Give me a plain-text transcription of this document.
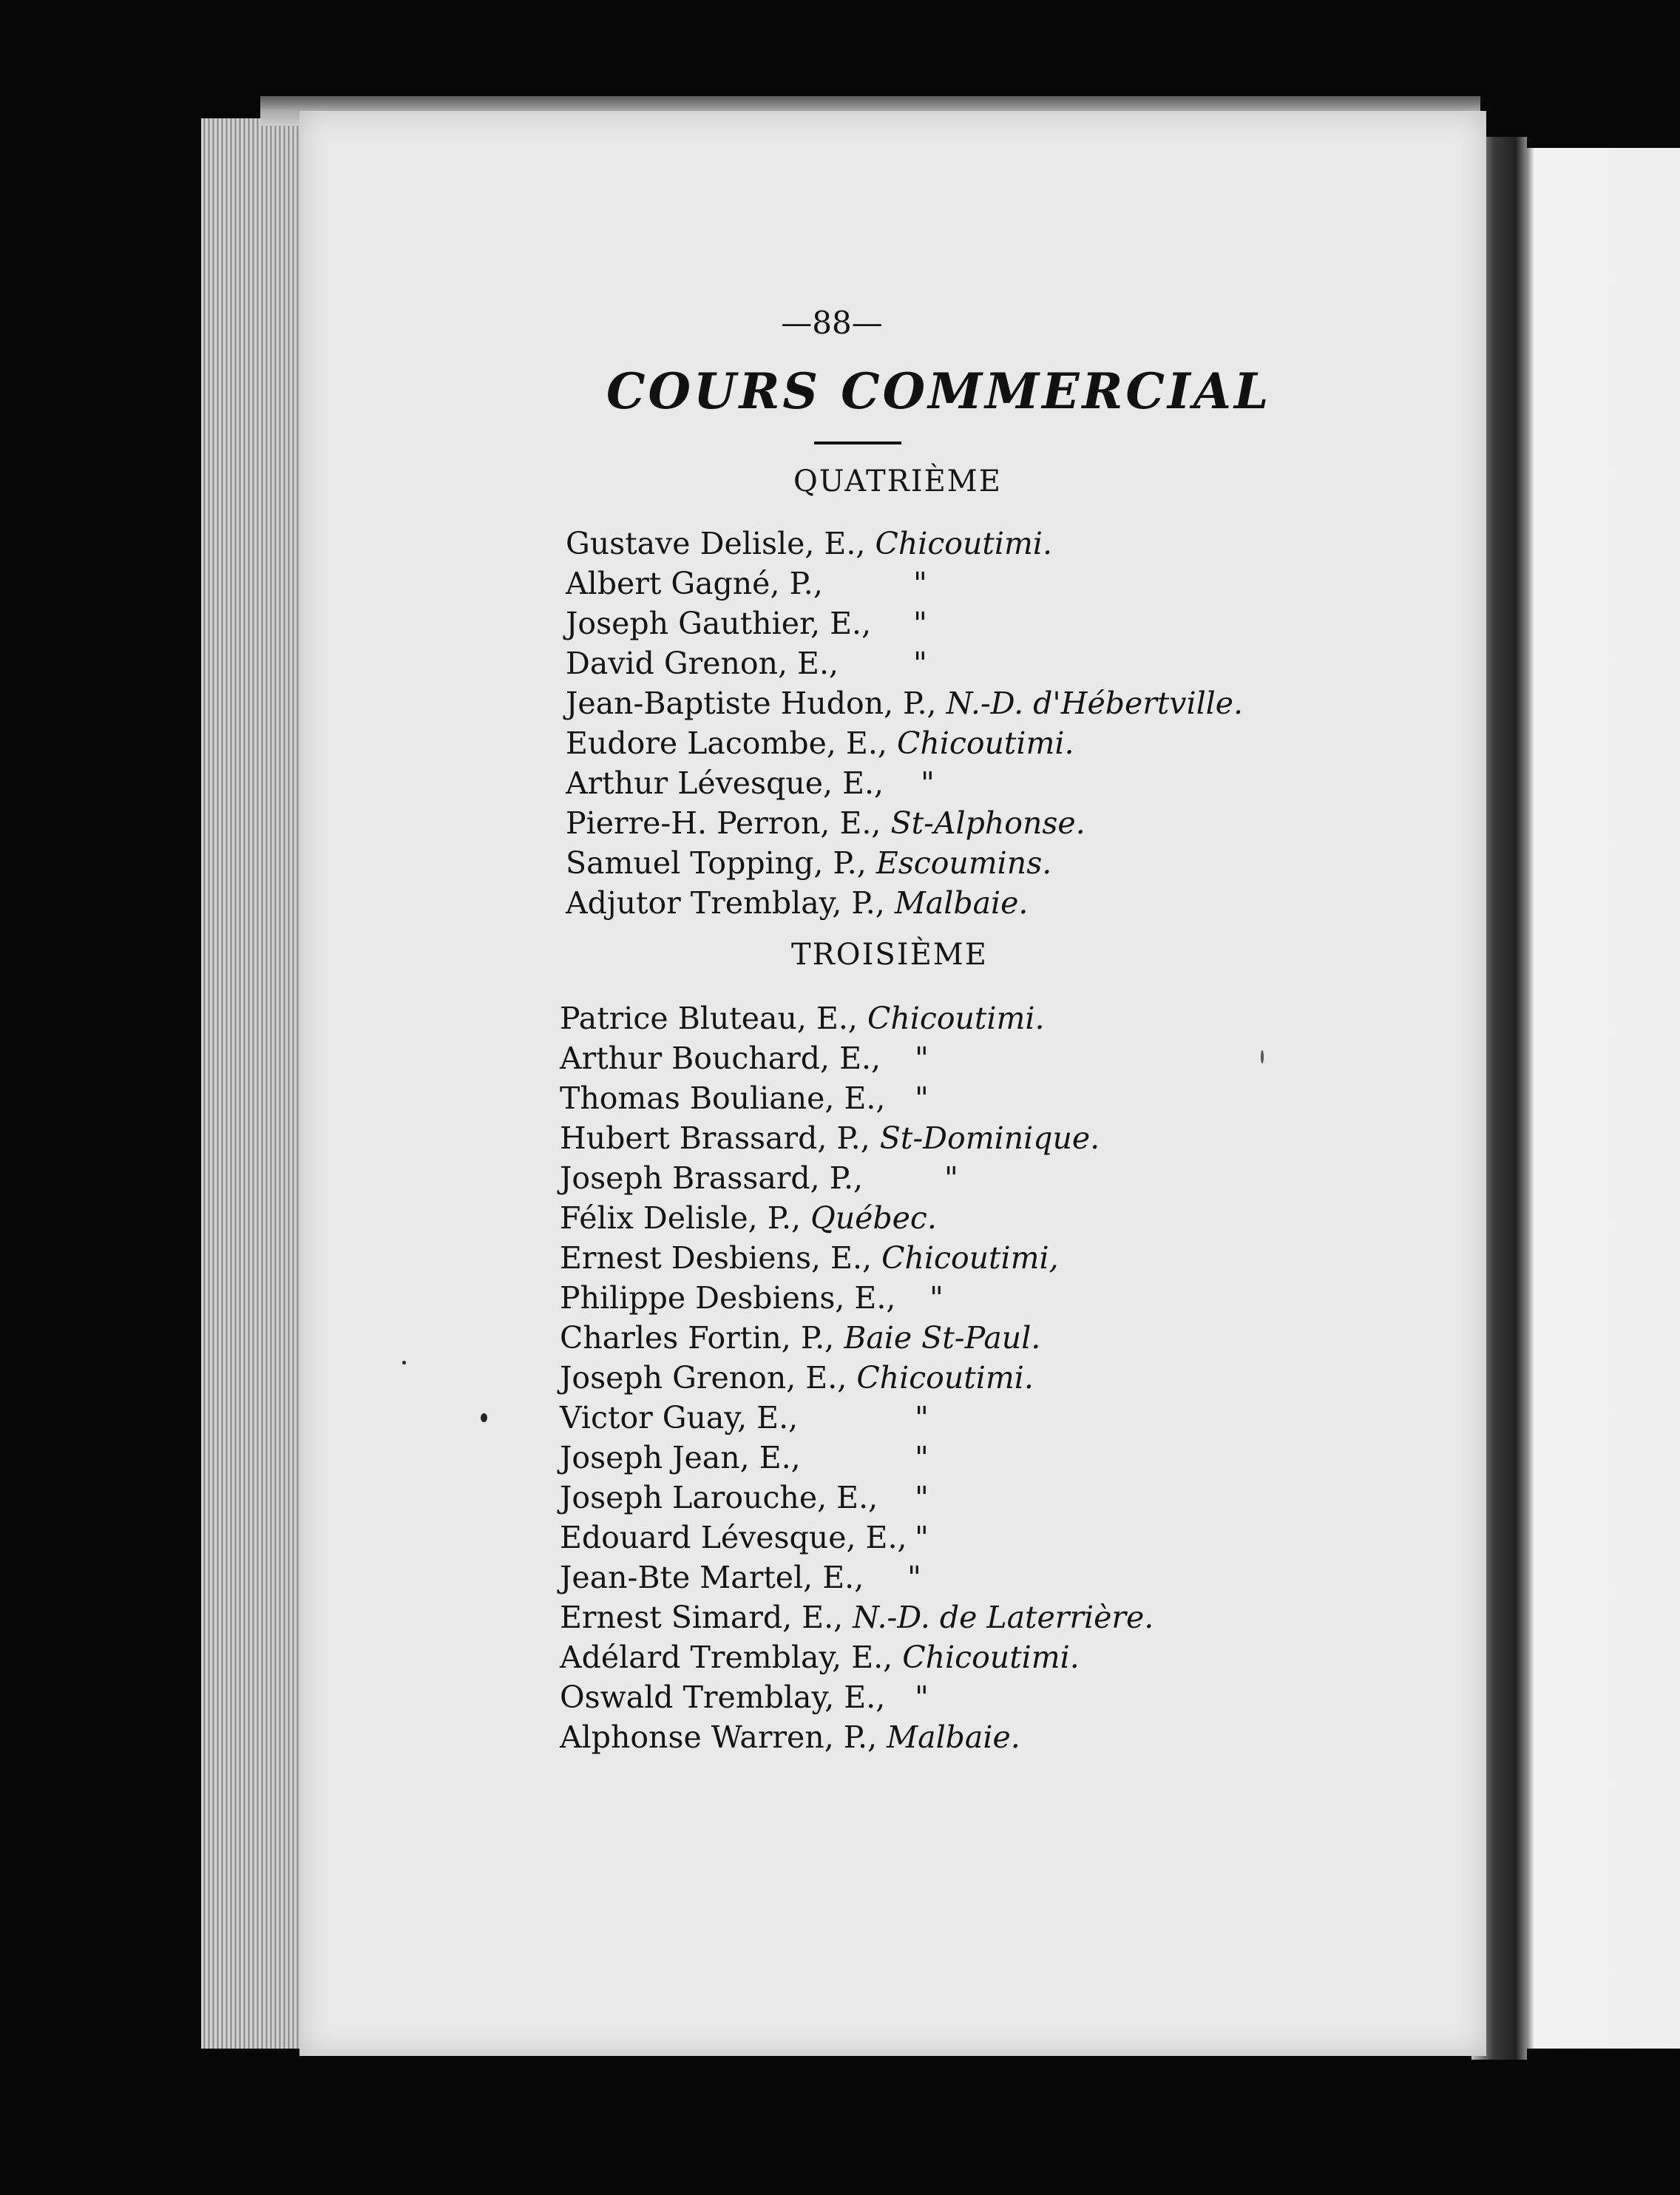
—88—
COURS COMMERCIAL
QUATRIÈME
Gustave Delisle, E., Chicoutimi.
Albert Gagné, P.,	"
Joseph Gauthier, E., "
David Grenon, E., "
Jean-Baptiste Hudon, P., N.-D. d'Hébertville.
Eudore Lacombe, E., Chicoutimi.
Arthur Lévesque, E., "
Pierre-H. Perron, E., St-Alphonse.
Samuel Topping, P., Escoumins.
Adjutor Tremblay, P., Malbaie.
TROISIÈME
Patrice Bluteau, E., Chicoutimi.
Arthur Bouchard, E., "
Thomas Bouliane, E., "
Hubert Brassard, P., St-Dominique.
Joseph Brassard, P.,	"
Félix Delisle, P., Québec.
Ernest Desbiens, E., Chicoutimi,
Philippe Desbiens, E., "
Charles Fortin, P., Baie St-Paul.
Joseph Grenon, E., Chicoutimi.
Victor Guay, E.,	"
Joseph Jean, E.,	"
Joseph Larouche, E., "
Edouard Lévesque, E., "
Jean-Bte Martel, E., "
Ernest Simard, E., N.-D. de Laterrière.
Adélard Tremblay, E., Chicoutimi.
Oswald Tremblay, E., "
Alphonse Warren, P., Malbaie.
